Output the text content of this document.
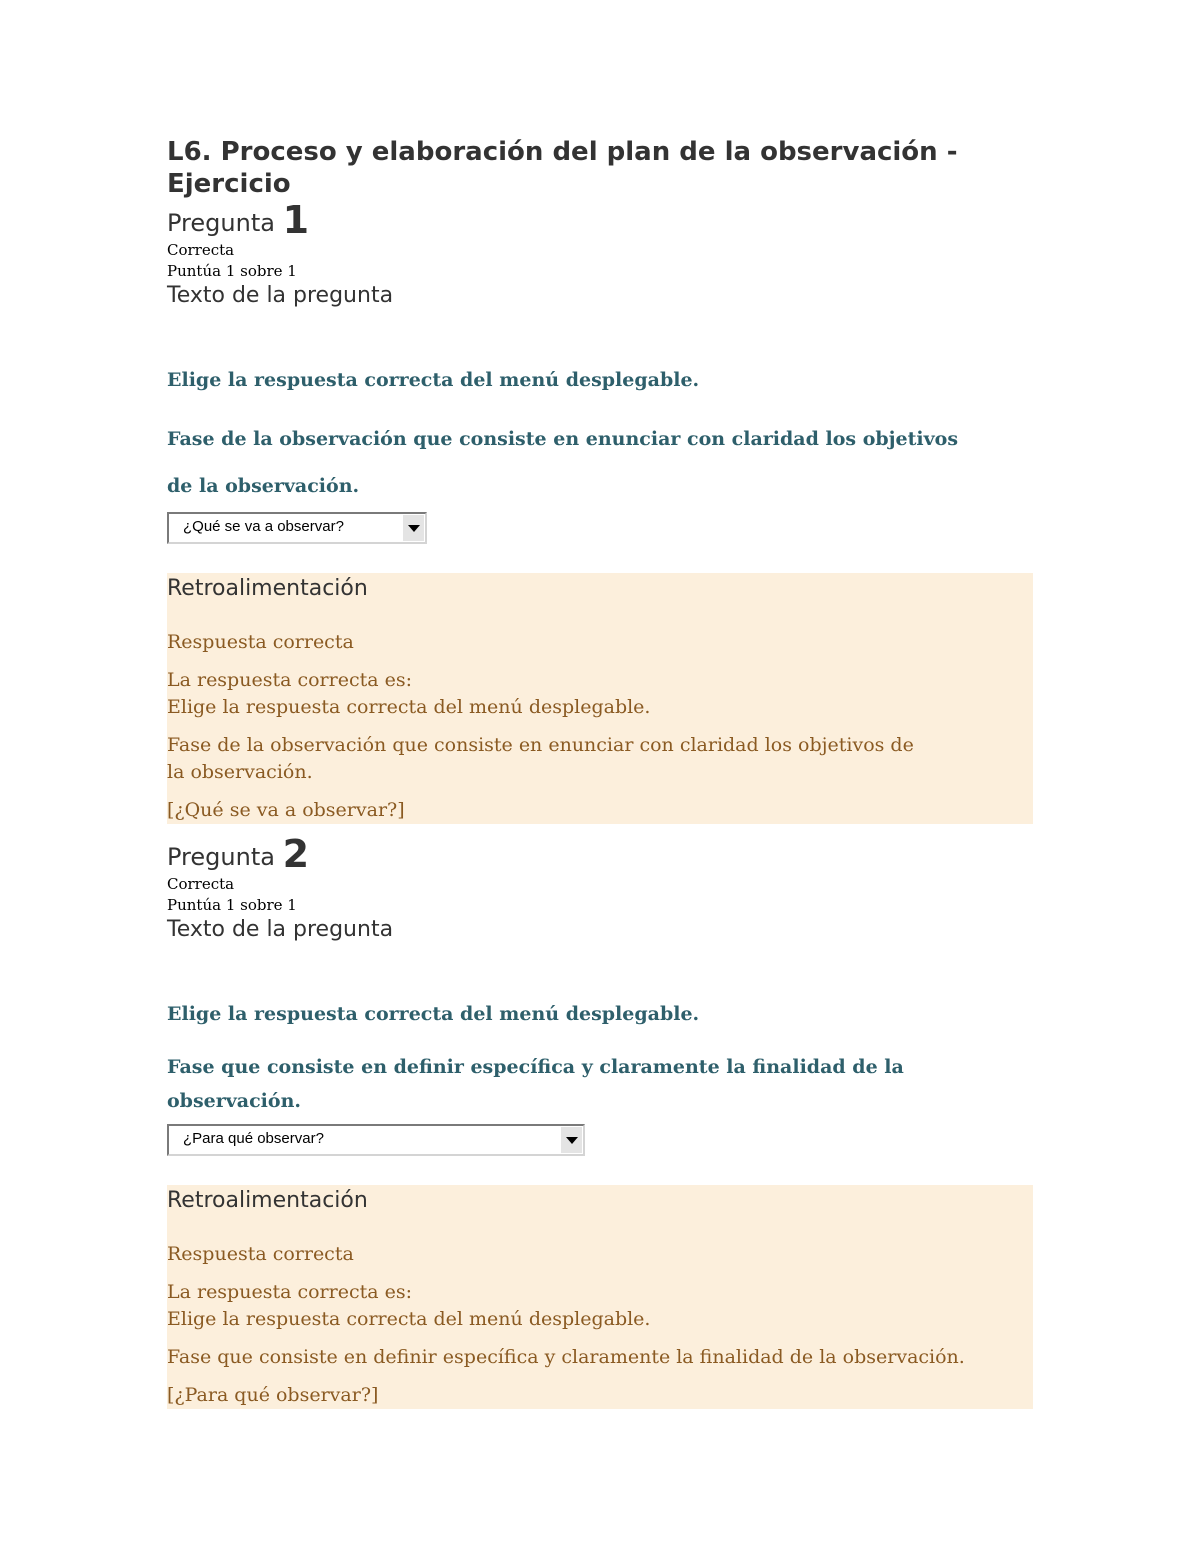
L6. Proceso y elaboración del plan de la observación - Ejercicio
Pregunta 1
Correcta
Puntúa 1 sobre 1
Texto de la pregunta
Elige la respuesta correcta del menú desplegable.
Fase de la observación que consiste en enunciar con claridad los objetivos de la observación.
¿Qué se va a observar?
Retroalimentación
Respuesta correcta
La respuesta correcta es:
Elige la respuesta correcta del menú desplegable.
Fase de la observación que consiste en enunciar con claridad los objetivos de la observación.
[¿Qué se va a observar?]
Pregunta 2
Correcta
Puntúa 1 sobre 1
Texto de la pregunta
Elige la respuesta correcta del menú desplegable.
Fase que consiste en definir específica y claramente la finalidad de la observación.
¿Para qué observar?
Retroalimentación
Respuesta correcta
La respuesta correcta es:
Elige la respuesta correcta del menú desplegable.
Fase que consiste en definir específica y claramente la finalidad de la observación.
[¿Para qué observar?]
